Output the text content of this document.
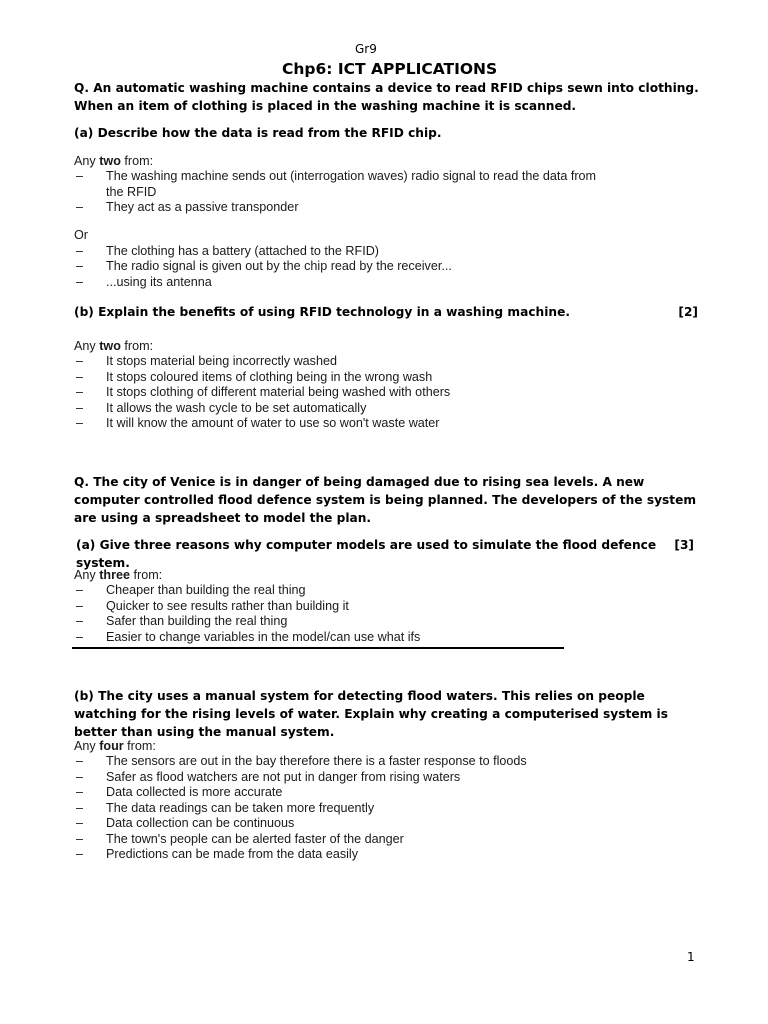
Gr9
Chp6: ICT APPLICATIONS
Q. An automatic washing machine contains a device to read RFID chips sewn into clothing. When an item of clothing is placed in the washing machine it is scanned.
(a) Describe how the data is read from the RFID chip.
Any two from:
– The washing machine sends out (interrogation waves) radio signal to read the data from the RFID
– They act as a passive transponder
Or
– The clothing has a battery (attached to the RFID)
– The radio signal is given out by the chip read by the receiver...
– ...using its antenna
(b) Explain the benefits of using RFID technology in a washing machine.	[2]
Any two from:
– It stops material being incorrectly washed
– It stops coloured items of clothing being in the wrong wash
– It stops clothing of different material being washed with others
– It allows the wash cycle to be set automatically
– It will know the amount of water to use so won't waste water
Q. The city of Venice is in danger of being damaged due to rising sea levels. A new computer controlled flood defence system is being planned. The developers of the system are using a spreadsheet to model the plan.
(a) Give three reasons why computer models are used to simulate the flood defence system.
[3]
Any three from:
– Cheaper than building the real thing
– Quicker to see results rather than building it
– Safer than building the real thing
– Easier to change variables in the model/can use what ifs
(b) The city uses a manual system for detecting flood waters. This relies on people watching for the rising levels of water. Explain why creating a computerised system is better than using the manual system.
Any four from:
– The sensors are out in the bay therefore there is a faster response to floods
– Safer as flood watchers are not put in danger from rising waters
– Data collected is more accurate
– The data readings can be taken more frequently
– Data collection can be continuous
– The town's people can be alerted faster of the danger
– Predictions can be made from the data easily
1
